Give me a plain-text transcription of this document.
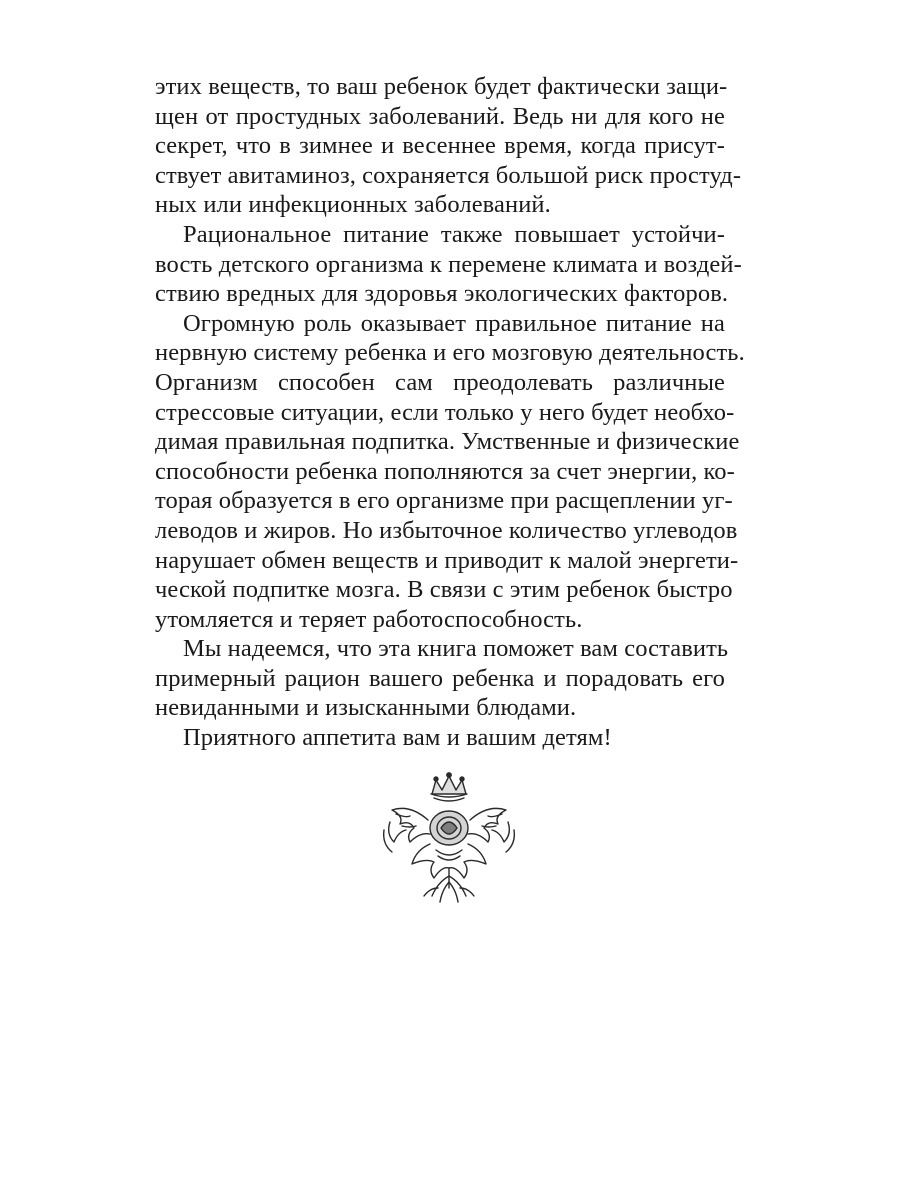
этих веществ, то ваш ребенок будет фактически защи-
щен от простудных заболеваний. Ведь ни для кого не
секрет, что в зимнее и весеннее время, когда присут-
ствует авитаминоз, сохраняется большой риск простуд-
ных или инфекционных заболеваний.

Рациональное питание также повышает устойчи-
вость детского организма к перемене климата и воздей-
ствию вредных для здоровья экологических факторов.

Огромную роль оказывает правильное питание на
нервную систему ребенка и его мозговую деятельность.
Организм способен сам преодолевать различные
стрессовые ситуации, если только у него будет необхо-
димая правильная подпитка. Умственные и физические
способности ребенка пополняются за счет энергии, ко-
торая образуется в его организме при расщеплении уг-
леводов и жиров. Но избыточное количество углеводов
нарушает обмен веществ и приводит к малой энергети-
ческой подпитке мозга. В связи с этим ребенок быстро
утомляется и теряет работоспособность.

Мы надеемся, что эта книга поможет вам составить
примерный рацион вашего ребенка и порадовать его
невиданными и изысканными блюдами.

Приятного аппетита вам и вашим детям!
